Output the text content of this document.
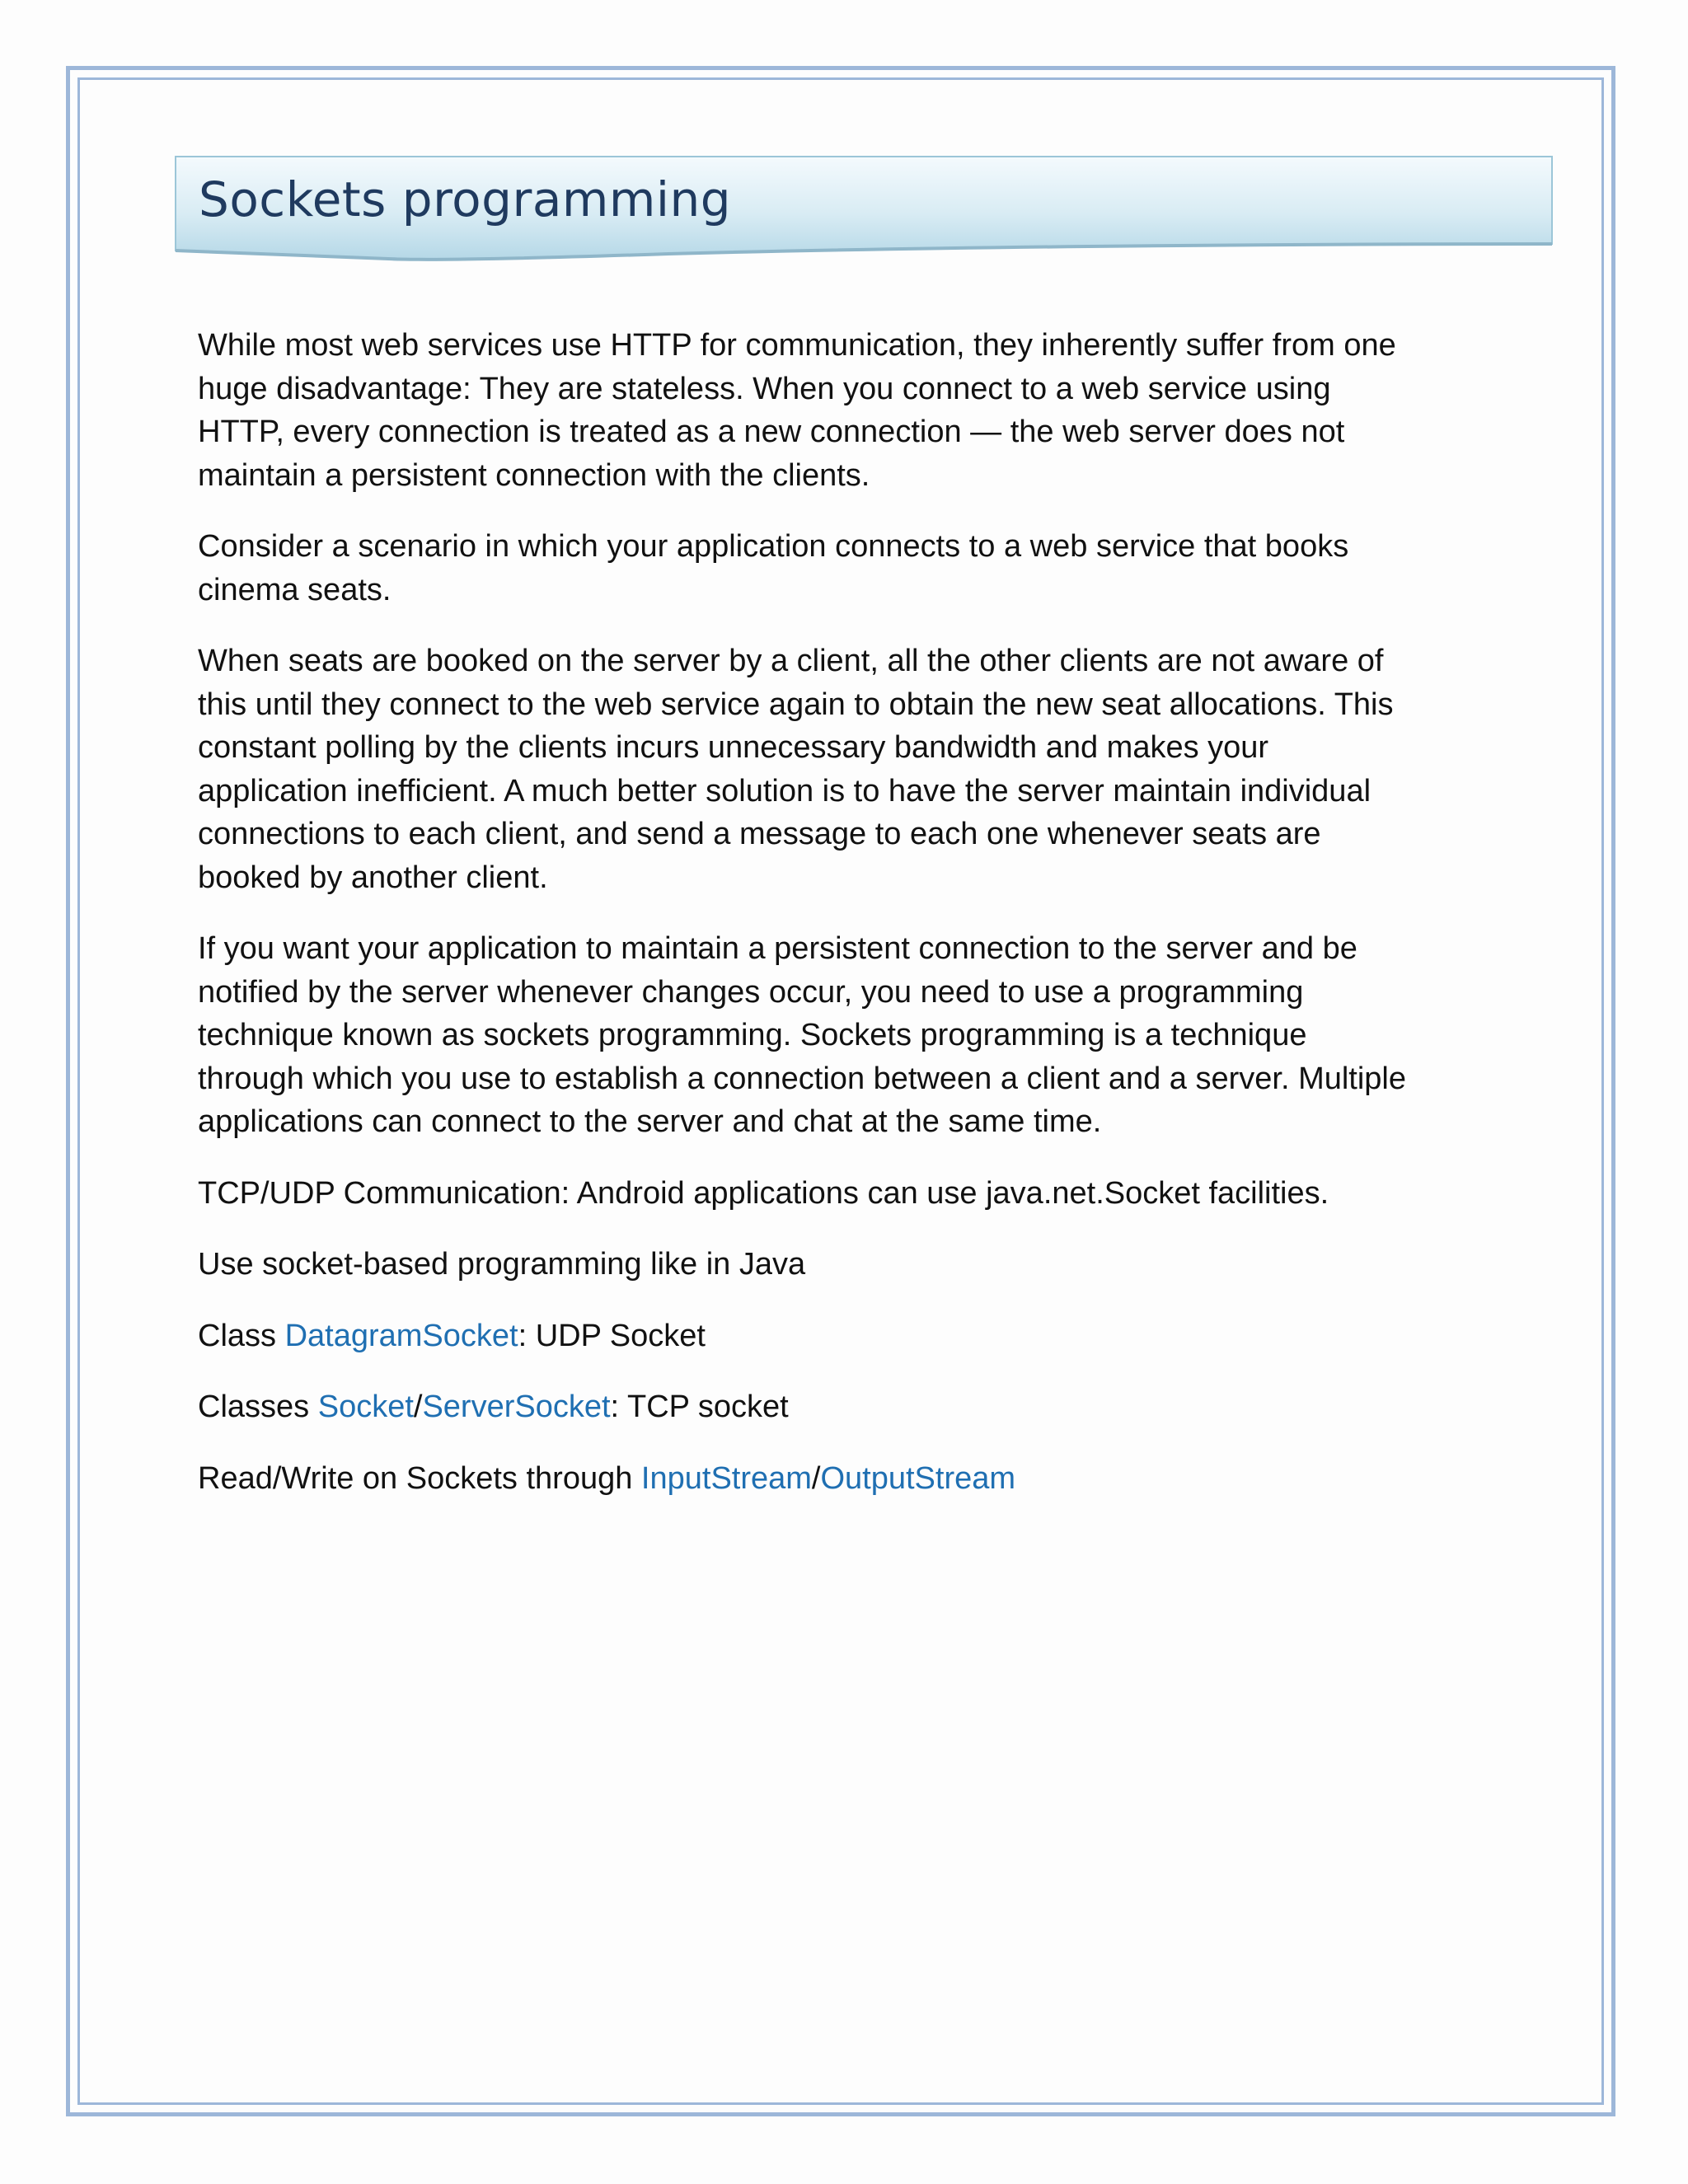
Sockets programming

While most web services use HTTP for communication, they inherently suffer from one
huge disadvantage: They are stateless. When you connect to a web service using
HTTP, every connection is treated as a new connection — the web server does not
maintain a persistent connection with the clients.

Consider a scenario in which your application connects to a web service that books
cinema seats.

When seats are booked on the server by a client, all the other clients are not aware of
this until they connect to the web service again to obtain the new seat allocations. This
constant polling by the clients incurs unnecessary bandwidth and makes your
application inefficient. A much better solution is to have the server maintain individual
connections to each client, and send a message to each one whenever seats are
booked by another client.

If you want your application to maintain a persistent connection to the server and be
notified by the server whenever changes occur, you need to use a programming
technique known as sockets programming. Sockets programming is a technique
through which you use to establish a connection between a client and a server. Multiple
applications can connect to the server and chat at the same time.

TCP/UDP Communication: Android applications can use java.net.Socket facilities.

Use socket-based programming like in Java

Class DatagramSocket: UDP Socket

Classes Socket/ServerSocket: TCP socket

Read/Write on Sockets through InputStream/OutputStream
